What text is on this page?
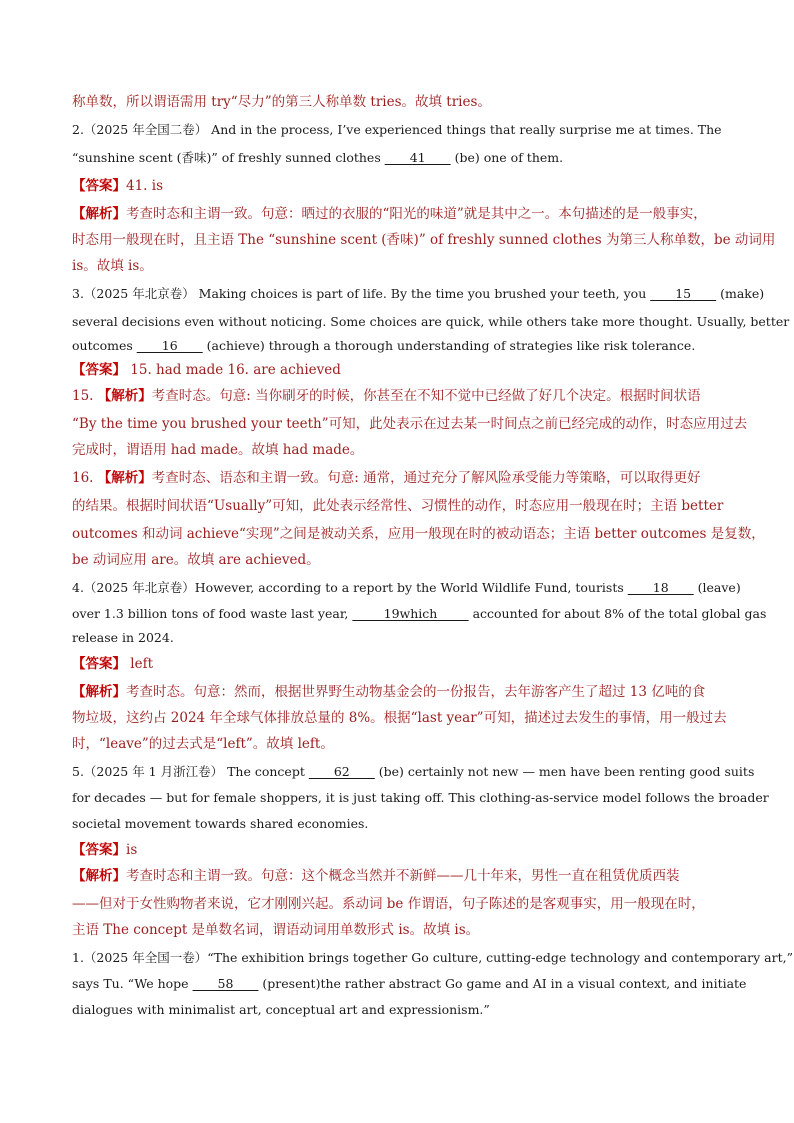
称单数，所以谓语需用 try“尽力”的第三人称单数 tries。故填 tries。
2.（2025 年全国二卷） And in the process, I’ve experienced things that really surprise me at times. The
“sunshine scent (香味)” of freshly sunned clothes ____41____ (be) one of them.
【答案】41. is
【解析】考查时态和主谓一致。句意：晒过的衣服的“阳光的味道”就是其中之一。本句描述的是一般事实，
时态用一般现在时，且主语 The “sunshine scent (香味)” of freshly sunned clothes 为第三人称单数，be 动词用
is。故填 is。
3.（2025 年北京卷） Making choices is part of life. By the time you brushed your teeth, you ____15____ (make)
several decisions even without noticing. Some choices are quick, while others take more thought. Usually, better
outcomes ____16____ (achieve) through a thorough understanding of strategies like risk tolerance.
【答案】 15. had made 16. are achieved
15. 【解析】考查时态。句意: 当你刷牙的时候，你甚至在不知不觉中已经做了好几个决定。根据时间状语
“By the time you brushed your teeth”可知，此处表示在过去某一时间点之前已经完成的动作，时态应用过去
完成时，谓语用 had made。故填 had made。
16. 【解析】考查时态、语态和主谓一致。句意: 通常，通过充分了解风险承受能力等策略，可以取得更好
的结果。根据时间状语“Usually”可知，此处表示经常性、习惯性的动作，时态应用一般现在时；主语 better
outcomes 和动词 achieve“实现”之间是被动关系，应用一般现在时的被动语态；主语 better outcomes 是复数，
be 动词应用 are。故填 are achieved。
4.（2025 年北京卷）However, according to a report by the World Wildlife Fund, tourists ____18____ (leave)
over 1.3 billion tons of food waste last year, _____19which_____ accounted for about 8% of the total global gas
release in 2024.
【答案】 left
【解析】考查时态。句意：然而，根据世界野生动物基金会的一份报告，去年游客产生了超过 13 亿吨的食
物垃圾，这约占 2024 年全球气体排放总量的 8%。根据“last year”可知，描述过去发生的事情，用一般过去
时，“leave”的过去式是“left”。故填 left。
5.（2025 年 1 月浙江卷） The concept ____62____ (be) certainly not new — men have been renting good suits
for decades — but for female shoppers, it is just taking off. This clothing-as-service model follows the broader
societal movement towards shared economies.
【答案】is
【解析】考查时态和主谓一致。句意：这个概念当然并不新鲜——几十年来，男性一直在租赁优质西装
——但对于女性购物者来说，它才刚刚兴起。系动词 be 作谓语，句子陈述的是客观事实，用一般现在时，
主语 The concept 是单数名词，谓语动词用单数形式 is。故填 is。
1.（2025 年全国一卷）“The exhibition brings together Go culture, cutting-edge technology and contemporary art,”
says Tu. “We hope ____58____ (present)the rather abstract Go game and AI in a visual context, and initiate
dialogues with minimalist art, conceptual art and expressionism.”
